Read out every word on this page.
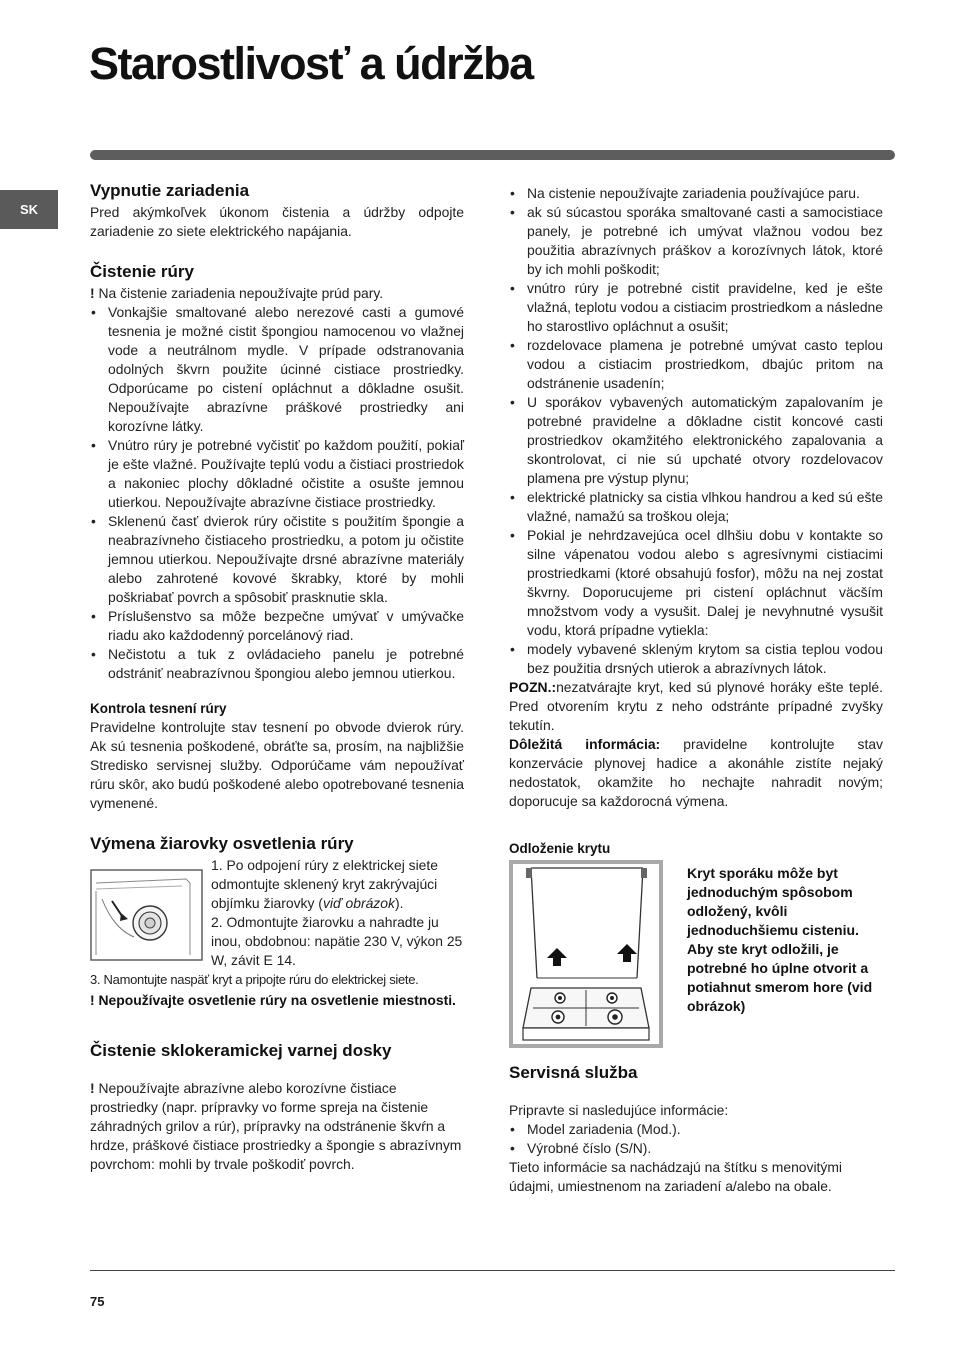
Starostlivosť a údržba
SK
Vypnutie zariadenia

Pred akýmkoľvek úkonom čistenia a údržby odpojte zariadenie zo siete elektrického napájania.

Čistenie rúry

! Na čistenie zariadenia nepoužívajte prúd pary.

• Vonkajšie smaltované alebo nerezové casti a gumové tesnenia je možné cistit špongiou namocenou vo vlažnej vode a neutrálnom mydle. V prípade odstranovania odolných škvrn použite úcinné cistiace prostriedky. Odporúcame po cistení opláchnut a dôkladne osušit. Nepoužívajte abrazívne práškové prostriedky ani korozívne látky.
• Vnútro rúry je potrebné vyčistiť po každom použití, pokiaľ je ešte vlažné. Používajte teplú vodu a čistiaci prostriedok a nakoniec plochy dôkladné očistite a osušte jemnou utierkou. Nepoužívajte abrazívne čistiace prostriedky.
• Sklenenú časť dvierok rúry očistite s použitím špongie a neabrazívneho čistiaceho prostriedku, a potom ju očistite jemnou utierkou. Nepoužívajte drsné abrazívne materiály alebo zahrotené kovové škrabky, ktoré by mohli poškriabať povrch a spôsobiť prasknutie skla.
• Príslušenstvo sa môže bezpečne umývať v umývačke riadu ako každodenný porcelánový riad.
• Nečistotu a tuk z ovládacieho panelu je potrebné odstrániť neabrazívnou špongiou alebo jemnou utierkou.
Kontrola tesnení rúry

Pravidelne kontrolujte stav tesnení po obvode dvierok rúry. Ak sú tesnenia poškodené, obráťte sa, prosím, na najbližšie Stredisko servisnej služby. Odporúčame vám nepoužívať rúru skôr, ako budú poškodené alebo opotrebované tesnenia vymenené.

Výmena žiarovky osvetlenia rúry

1. Po odpojení rúry z elektrickej siete odmontujte sklenený kryt zakrývajúci objímku žiarovky (viď obrázok).

2. Odmontujte žiarovku a nahradte ju inou, obdobnou: napätie 230 V, výkon 25 W, závit E 14.

3. Namontujte naspäť kryt a pripojte rúru do elektrickej siete.

! Nepoužívajte osvetlenie rúry na osvetlenie miestnosti.

Čistenie sklokeramickej varnej dosky

! Nepoužívajte abrazívne alebo korozívne čistiace prostriedky (napr. prípravky vo forme spreja na čistenie záhradných grilov a rúr), prípravky na odstránenie škvŕn a hrdze, práškové čistiace prostriedky a špongie s abrazívnym povrchom: mohli by trvale poškodiť povrch.

• Na cistenie nepoužívajte zariadenia používajúce paru.
• ak sú súcastou sporáka smaltované casti a samocistiace panely, je potrebné ich umývat vlažnou vodou bez použitia abrazívnych práškov a korozívnych látok, ktoré by ich mohli poškodit;
• vnútro rúry je potrebné cistit pravidelne, ked je ešte vlažná, teplotu vodou a cistiacim prostriedkom a následne ho starostlivo opláchnut a osušit;
• rozdelovace plamena je potrebné umývat casto teplou vodou a cistiacim prostriedkom, dbajúc pritom na odstránenie usadenín;
• U sporákov vybavených automatickým zapalovaním je potrebné pravidelne a dôkladne cistit koncové casti prostriedkov okamžitého elektronického zapalovania a skontrolovat, ci nie sú upchaté otvory rozdelovacov plamena pre výstup plynu;
• elektrické platnicky sa cistia vlhkou handrou a ked sú ešte vlažné, namažú sa troškou oleja;
• Pokial je nehrdzavejúca ocel dlhšiu dobu v kontakte so silne vápenatou vodou alebo s agresívnymi cistiacimi prostriedkami (ktoré obsahujú fosfor), môžu na nej zostat škvrny. Doporucujeme pri cistení opláchnut väcším množstvom vody a vysušit. Dalej je nevyhnutné vysušit vodu, ktorá prípadne vytiekla:
• modely vybavené skleným krytom sa cistia teplou vodou bez použitia drsných utierok a abrazívnych látok.

POZN.:nezatvárajte kryt, ked sú plynové horáky ešte teplé. Pred otvorením krytu z neho odstránte prípadné zvyšky tekutín.

Dôležitá informácia: pravidelne kontrolujte stav konzervácie plynovej hadice a akonáhle zistíte nejaký nedostatok, okamžite ho nechajte nahradit novým; doporucuje sa každorocná výmena.

Odloženie krytu
Kryt sporáku môže byt jednoduchým spôsobom odložený, kvôli jednoduchšiemu cisteniu. Aby ste kryt odložili, je potrebné ho úplne otvorit a potiahnut smerom hore (vid obrázok)
Servisná služba

Pripravte si nasledujúce informácie:

• Model zariadenia (Mod.).
• Výrobné číslo (S/N).

Tieto informácie sa nachádzajú na štítku s menovitými údajmi, umiestnenom na zariadení a/alebo na obale.

75
